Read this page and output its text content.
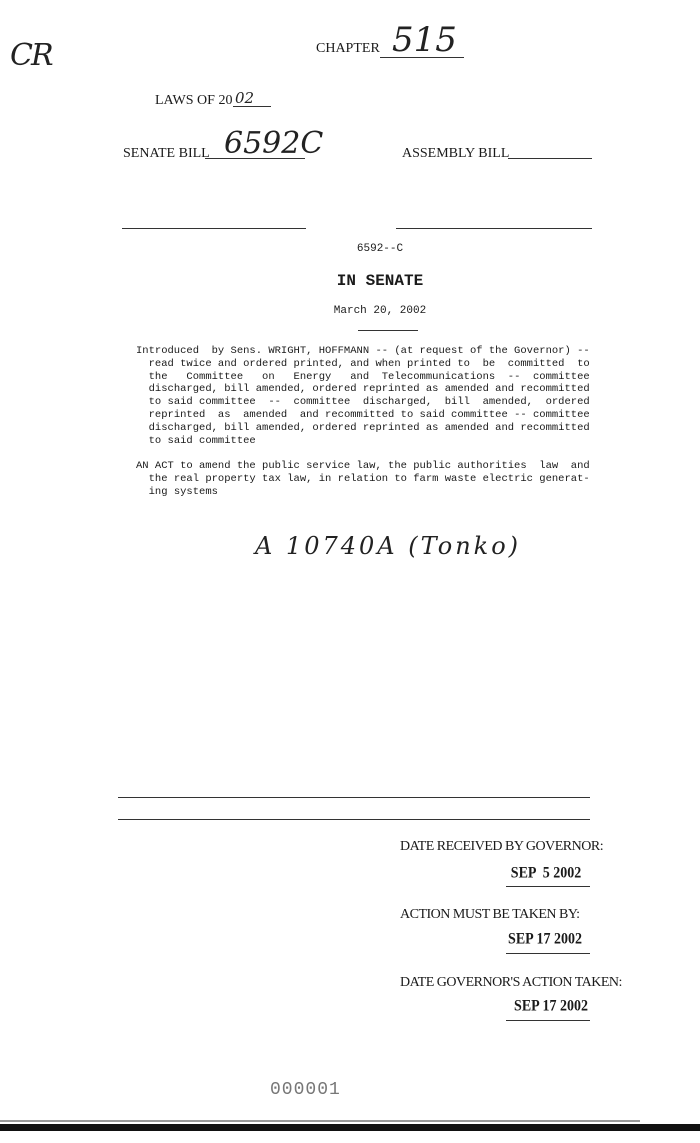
CR	CHAPTER 515
LAWS OF 20 02
SENATE BILL 6592C	ASSEMBLY BILL
6592--C
IN SENATE
March 20, 2002
Introduced  by Sens. WRIGHT, HOFFMANN -- (at request of the Governor) --
read twice and ordered printed, and when printed to  be  committed  to
the   Committee   on   Energy   and  Telecommunications  --  committee
discharged, bill amended, ordered reprinted as amended and recommitted
to said committee  --  committee  discharged,  bill  amended,  ordered
reprinted  as  amended  and recommitted to said committee -- committee
discharged, bill amended, ordered reprinted as amended and recommitted
to said committee
AN ACT to amend the public service law, the public authorities  law  and
the real property tax law, in relation to farm waste electric generat-
ing systems
A 10740A (Tonko)
DATE RECEIVED BY GOVERNOR:
SEP  5 2002
ACTION MUST BE TAKEN BY:
SEP 17 2002
DATE GOVERNOR'S ACTION TAKEN:
SEP 17 2002
000001
